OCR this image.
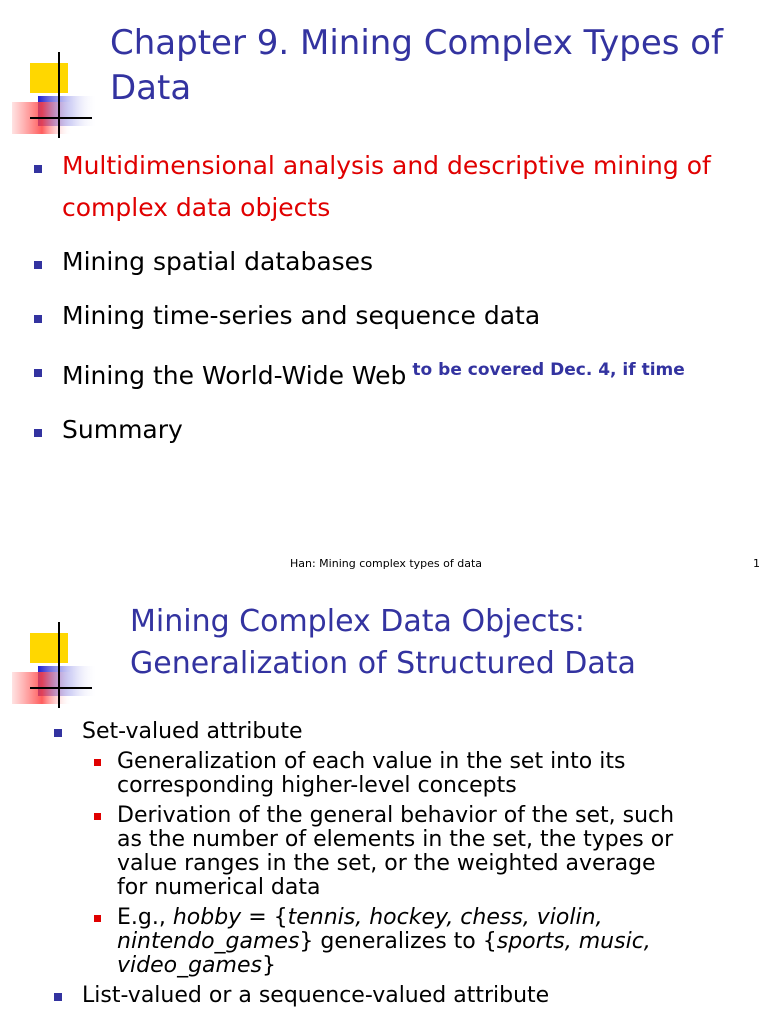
Chapter 9. Mining Complex Types of Data
Multidimensional analysis and descriptive mining of complex data objects
Mining spatial databases
Mining time-series and sequence data
Mining the World-Wide Web $^{to be covered Dec. 4, if time}$
Summary
Han: Mining complex types of data	1
Mining Complex Data Objects:
Generalization of Structured Data
Set-valued attribute
Generalization of each value in the set into its corresponding higher-level concepts
Derivation of the general behavior of the set, such as the number of elements in the set, the types or value ranges in the set, or the weighted average for numerical data
E.g., hobby = {tennis, hockey, chess, violin, nintendo_games} generalizes to {sports, music, video_games}
List-valued or a sequence-valued attribute
